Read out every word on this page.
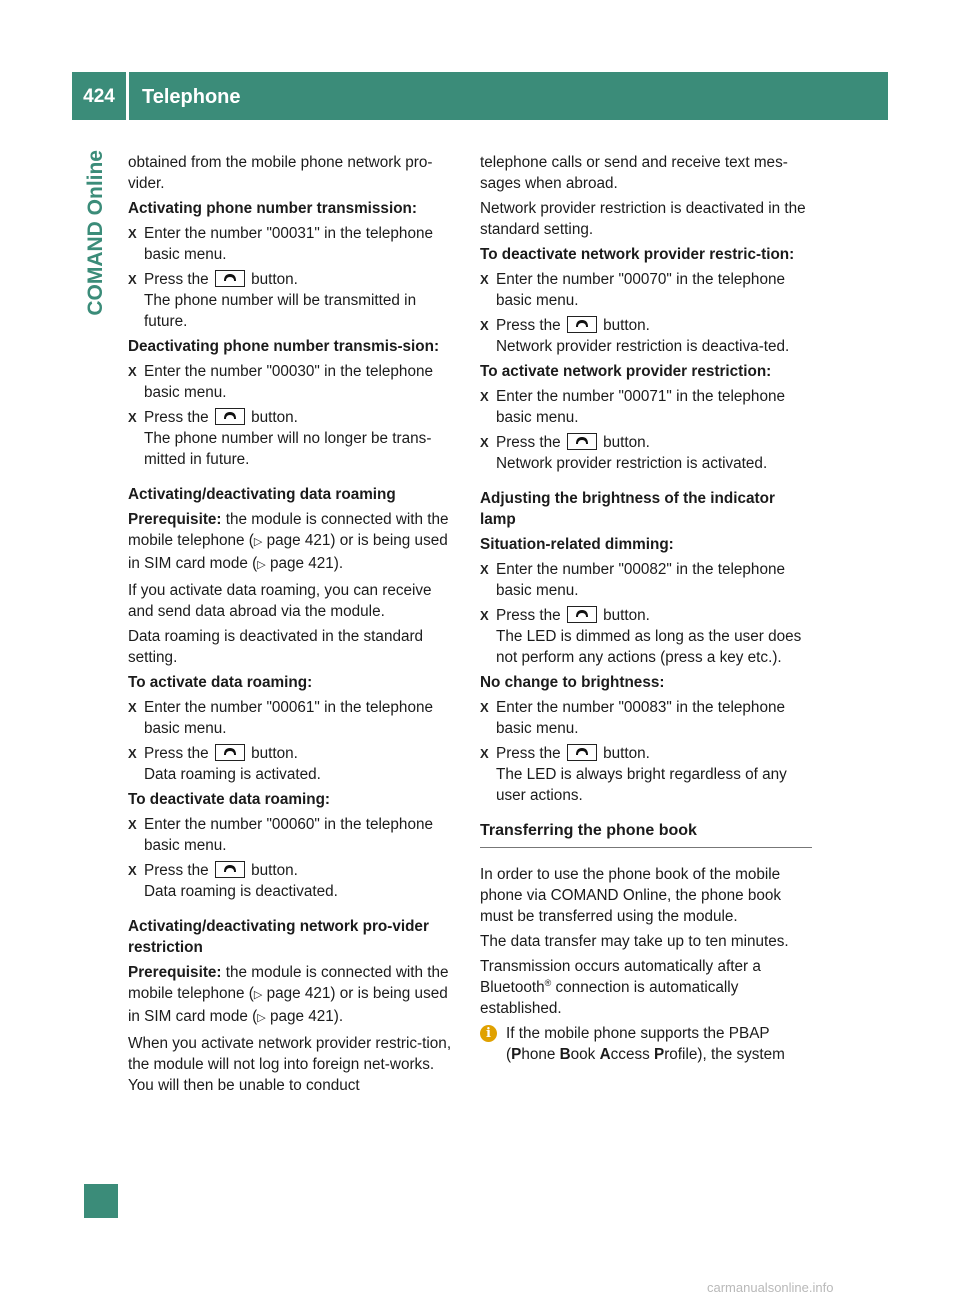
424	Telephone
COMAND Online obtained from the mobile phone network pro-vider.

Activating phone number transmission:

X Enter the number "00031" in the telephone basic menu.
X Press the	button.
The phone number will be transmitted in future.

Deactivating phone number transmis-sion:

X Enter the number "00030" in the telephone basic menu.
X Press the	button.
The phone number will no longer be trans-mitted in future.

Activating/deactivating data roaming

Prerequisite: the module is connected with the mobile telephone (▷ page 421) or is being used in SIM card mode (▷ page 421).

If you activate data roaming, you can receive and send data abroad via the module.

Data roaming is deactivated in the standard setting.

To activate data roaming:

X Enter the number "00061" in the telephone basic menu.
X Press the	button.
Data roaming is activated.

To deactivate data roaming:

X Enter the number "00060" in the telephone basic menu.
X Press the	button.
Data roaming is deactivated.

Activating/deactivating network pro-vider restriction

Prerequisite: the module is connected with the mobile telephone (▷ page 421) or is being used in SIM card mode (▷ page 421).

When you activate network provider restric-tion, the module will not log into foreign net-works. You will then be unable to conduct

telephone calls or send and receive text mes-sages when abroad.

Network provider restriction is deactivated in the standard setting.

To deactivate network provider restric-tion:

X Enter the number "00070" in the telephone basic menu.
X Press the	button.
Network provider restriction is deactiva-ted.

To activate network provider restriction:

X Enter the number "00071" in the telephone basic menu.
X Press the	button.
Network provider restriction is activated.

Adjusting the brightness of the indicator lamp

Situation-related dimming:

X Enter the number "00082" in the telephone basic menu.
X Press the	button.
The LED is dimmed as long as the user does not perform any actions (press a key etc.).

No change to brightness:

X Enter the number "00083" in the telephone basic menu.
X Press the	button.
The LED is always bright regardless of any user actions.

Transferring the phone book

In order to use the phone book of the mobile phone via COMAND Online, the phone book must be transferred using the module.

The data transfer may take up to ten minutes.

Transmission occurs automatically after a Bluetooth® connection is automatically established.

i If the mobile phone supports the PBAP (Phone Book Access Profile), the system
carmanualsonline.info
